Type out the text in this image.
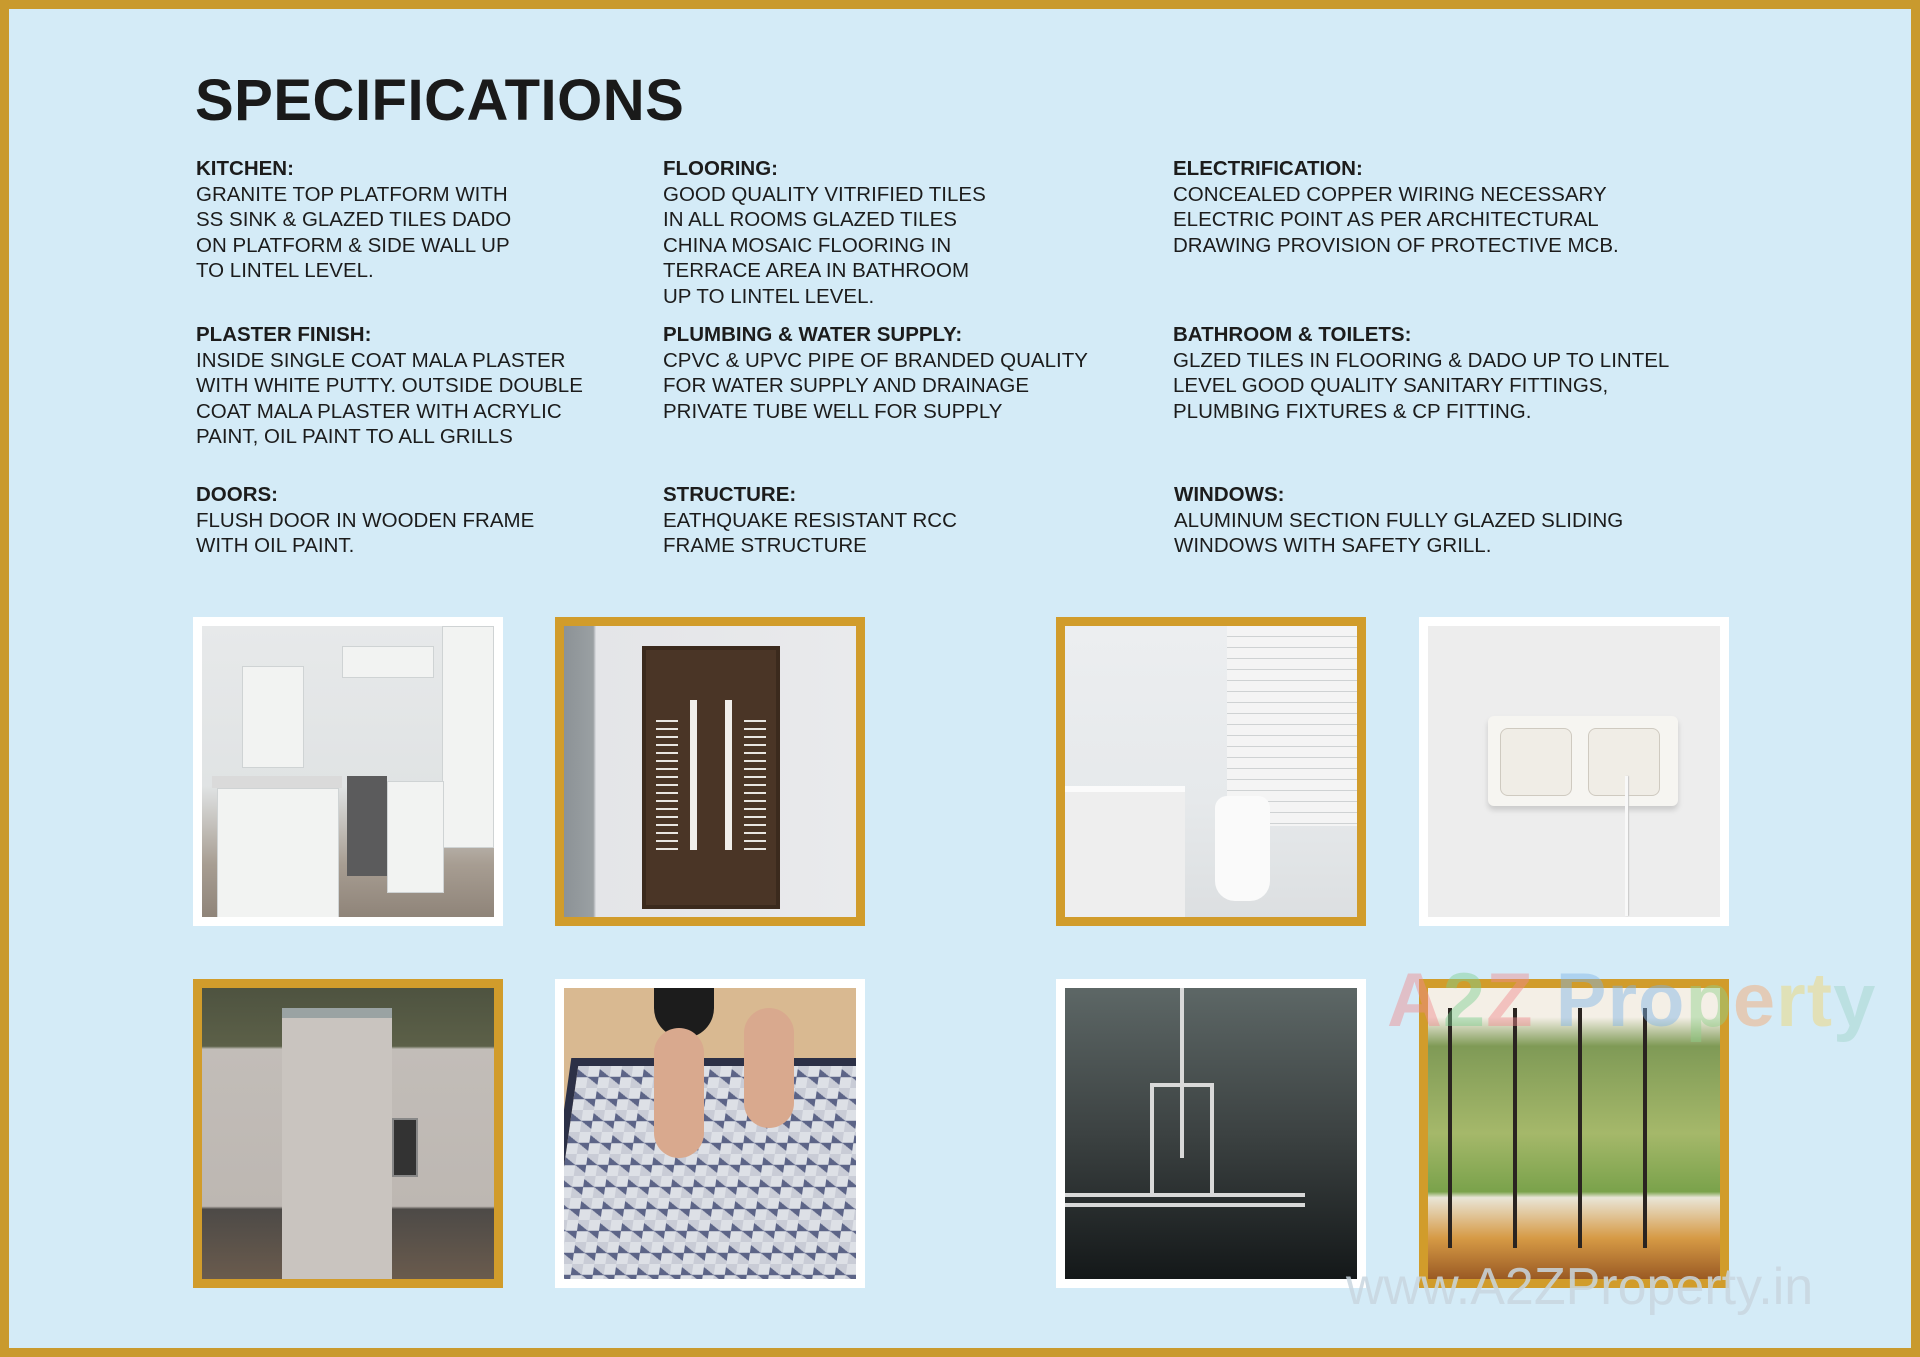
SPECIFICATIONS
KITCHEN:
GRANITE TOP PLATFORM WITH
SS SINK & GLAZED TILES DADO
ON PLATFORM & SIDE WALL UP
TO LINTEL LEVEL.
FLOORING:
GOOD QUALITY VITRIFIED TILES
IN ALL ROOMS GLAZED TILES
CHINA MOSAIC FLOORING IN
TERRACE AREA IN BATHROOM
UP TO LINTEL LEVEL.
ELECTRIFICATION:
CONCEALED COPPER WIRING NECESSARY
ELECTRIC POINT AS PER ARCHITECTURAL
DRAWING PROVISION OF PROTECTIVE MCB.
PLASTER FINISH:
INSIDE SINGLE COAT MALA PLASTER
WITH WHITE PUTTY. OUTSIDE DOUBLE
COAT MALA PLASTER WITH ACRYLIC
PAINT, OIL PAINT TO ALL GRILLS
PLUMBING & WATER SUPPLY:
CPVC & UPVC PIPE OF BRANDED QUALITY
FOR WATER SUPPLY AND DRAINAGE
PRIVATE TUBE WELL FOR SUPPLY
BATHROOM & TOILETS:
GLZED TILES IN FLOORING & DADO UP TO LINTEL
LEVEL GOOD QUALITY SANITARY FITTINGS,
PLUMBING FIXTURES & CP FITTING.
DOORS:
FLUSH DOOR IN WOODEN FRAME
WITH OIL PAINT.
STRUCTURE:
EATHQUAKE RESISTANT RCC
FRAME STRUCTURE
WINDOWS:
ALUMINUM SECTION FULLY GLAZED SLIDING
WINDOWS WITH SAFETY GRILL.
A2Z Property
www.A2ZProperty.in
